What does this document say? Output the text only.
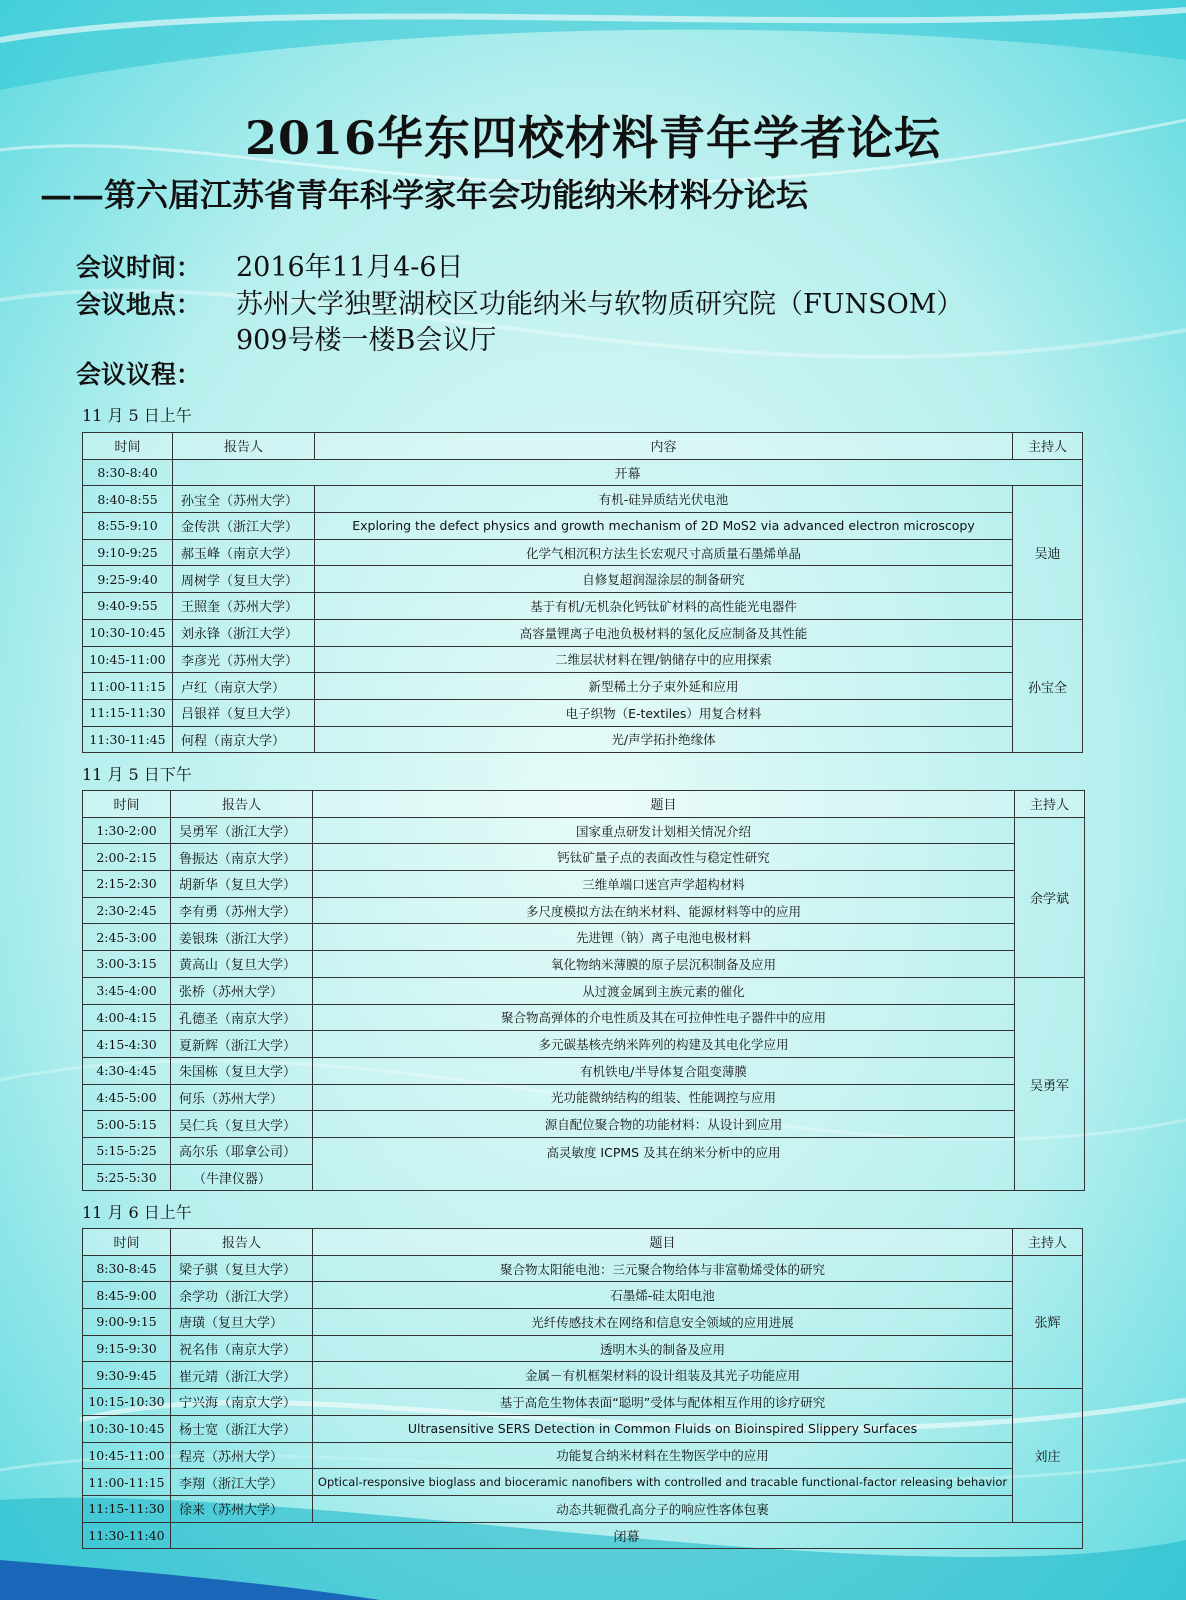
2016华东四校材料青年学者论坛
——第六届江苏省青年科学家年会功能纳米材料分论坛
会议时间： 2016年11月4-6日
会议地点： 苏州大学独墅湖校区功能纳米与软物质研究院（FUNSOM）
909号楼一楼B会议厅
会议议程：
11 月 5 日上午
时间	报告人	内容	主持人
8:30-8:40	开幕		
8:40-8:55	孙宝全（苏州大学）	有机-硅异质结光伏电池	吴迪
8:55-9:10	金传洪（浙江大学）	Exploring the defect physics and growth mechanism of 2D MoS2 via advanced electron microscopy	
9:10-9:25	郝玉峰（南京大学）	化学气相沉积方法生长宏观尺寸高质量石墨烯单晶	
9:25-9:40	周树学（复旦大学）	自修复超润湿涂层的制备研究	
9:40-9:55	王照奎（苏州大学）	基于有机/无机杂化钙钛矿材料的高性能光电器件	
10:30-10:45	刘永锋（浙江大学）	高容量锂离子电池负极材料的氢化反应制备及其性能	孙宝全
10:45-11:00	李彦光（苏州大学）	二维层状材料在锂/钠储存中的应用探索	
11:00-11:15	卢红（南京大学）	新型稀土分子束外延和应用	
11:15-11:30	吕银祥（复旦大学）	电子织物（E-textiles）用复合材料	
11:30-11:45	何程（南京大学）	光/声学拓扑绝缘体	
11 月 5 日下午
时间	报告人	题目	主持人
1:30-2:00	吴勇军（浙江大学）	国家重点研发计划相关情况介绍	余学斌
2:00-2:15	鲁振达（南京大学）	钙钛矿量子点的表面改性与稳定性研究	
2:15-2:30	胡新华（复旦大学）	三维单端口迷宫声学超构材料	
2:30-2:45	李有勇（苏州大学）	多尺度模拟方法在纳米材料、能源材料等中的应用	
2:45-3:00	姜银珠（浙江大学）	先进锂（钠）离子电池电极材料	
3:00-3:15	黄高山（复旦大学）	氧化物纳米薄膜的原子层沉积制备及应用	
3:45-4:00	张桥（苏州大学）	从过渡金属到主族元素的催化	吴勇军
4:00-4:15	孔德圣（南京大学）	聚合物高弹体的介电性质及其在可拉伸性电子器件中的应用	
4:15-4:30	夏新辉（浙江大学）	多元碳基核壳纳米阵列的构建及其电化学应用	
4:30-4:45	朱国栋（复旦大学）	有机铁电/半导体复合阻变薄膜	
4:45-5:00	何乐（苏州大学）	光功能微纳结构的组装、性能调控与应用	
5:00-5:15	吴仁兵（复旦大学）	源自配位聚合物的功能材料：从设计到应用	
5:15-5:25	高尔乐（耶拿公司）	高灵敏度 ICPMS 及其在纳米分析中的应用	
5:25-5:30	（牛津仪器）		
11 月 6 日上午
时间	报告人	题目	主持人
8:30-8:45	梁子骐（复旦大学）	聚合物太阳能电池：三元聚合物给体与非富勒烯受体的研究	张辉
8:45-9:00	余学功（浙江大学）	石墨烯-硅太阳电池	
9:00-9:15	唐璜（复旦大学）	光纤传感技术在网络和信息安全领域的应用进展	
9:15-9:30	祝名伟（南京大学）	透明木头的制备及应用	
9:30-9:45	崔元靖（浙江大学）	金属－有机框架材料的设计组装及其光子功能应用	
10:15-10:30	宁兴海（南京大学）	基于高危生物体表面“聪明”受体与配体相互作用的诊疗研究	刘庄
10:30-10:45	杨士宽（浙江大学）	Ultrasensitive SERS Detection in Common Fluids on Bioinspired Slippery Surfaces	
10:45-11:00	程亮（苏州大学）	功能复合纳米材料在生物医学中的应用	
11:00-11:15	李翔（浙江大学）	Optical-responsive bioglass and bioceramic nanofibers with controlled and tracable functional-factor releasing behavior	
11:15-11:30	徐来（苏州大学）	动态共轭微孔高分子的响应性客体包裹	
11:30-11:40	闭幕		
